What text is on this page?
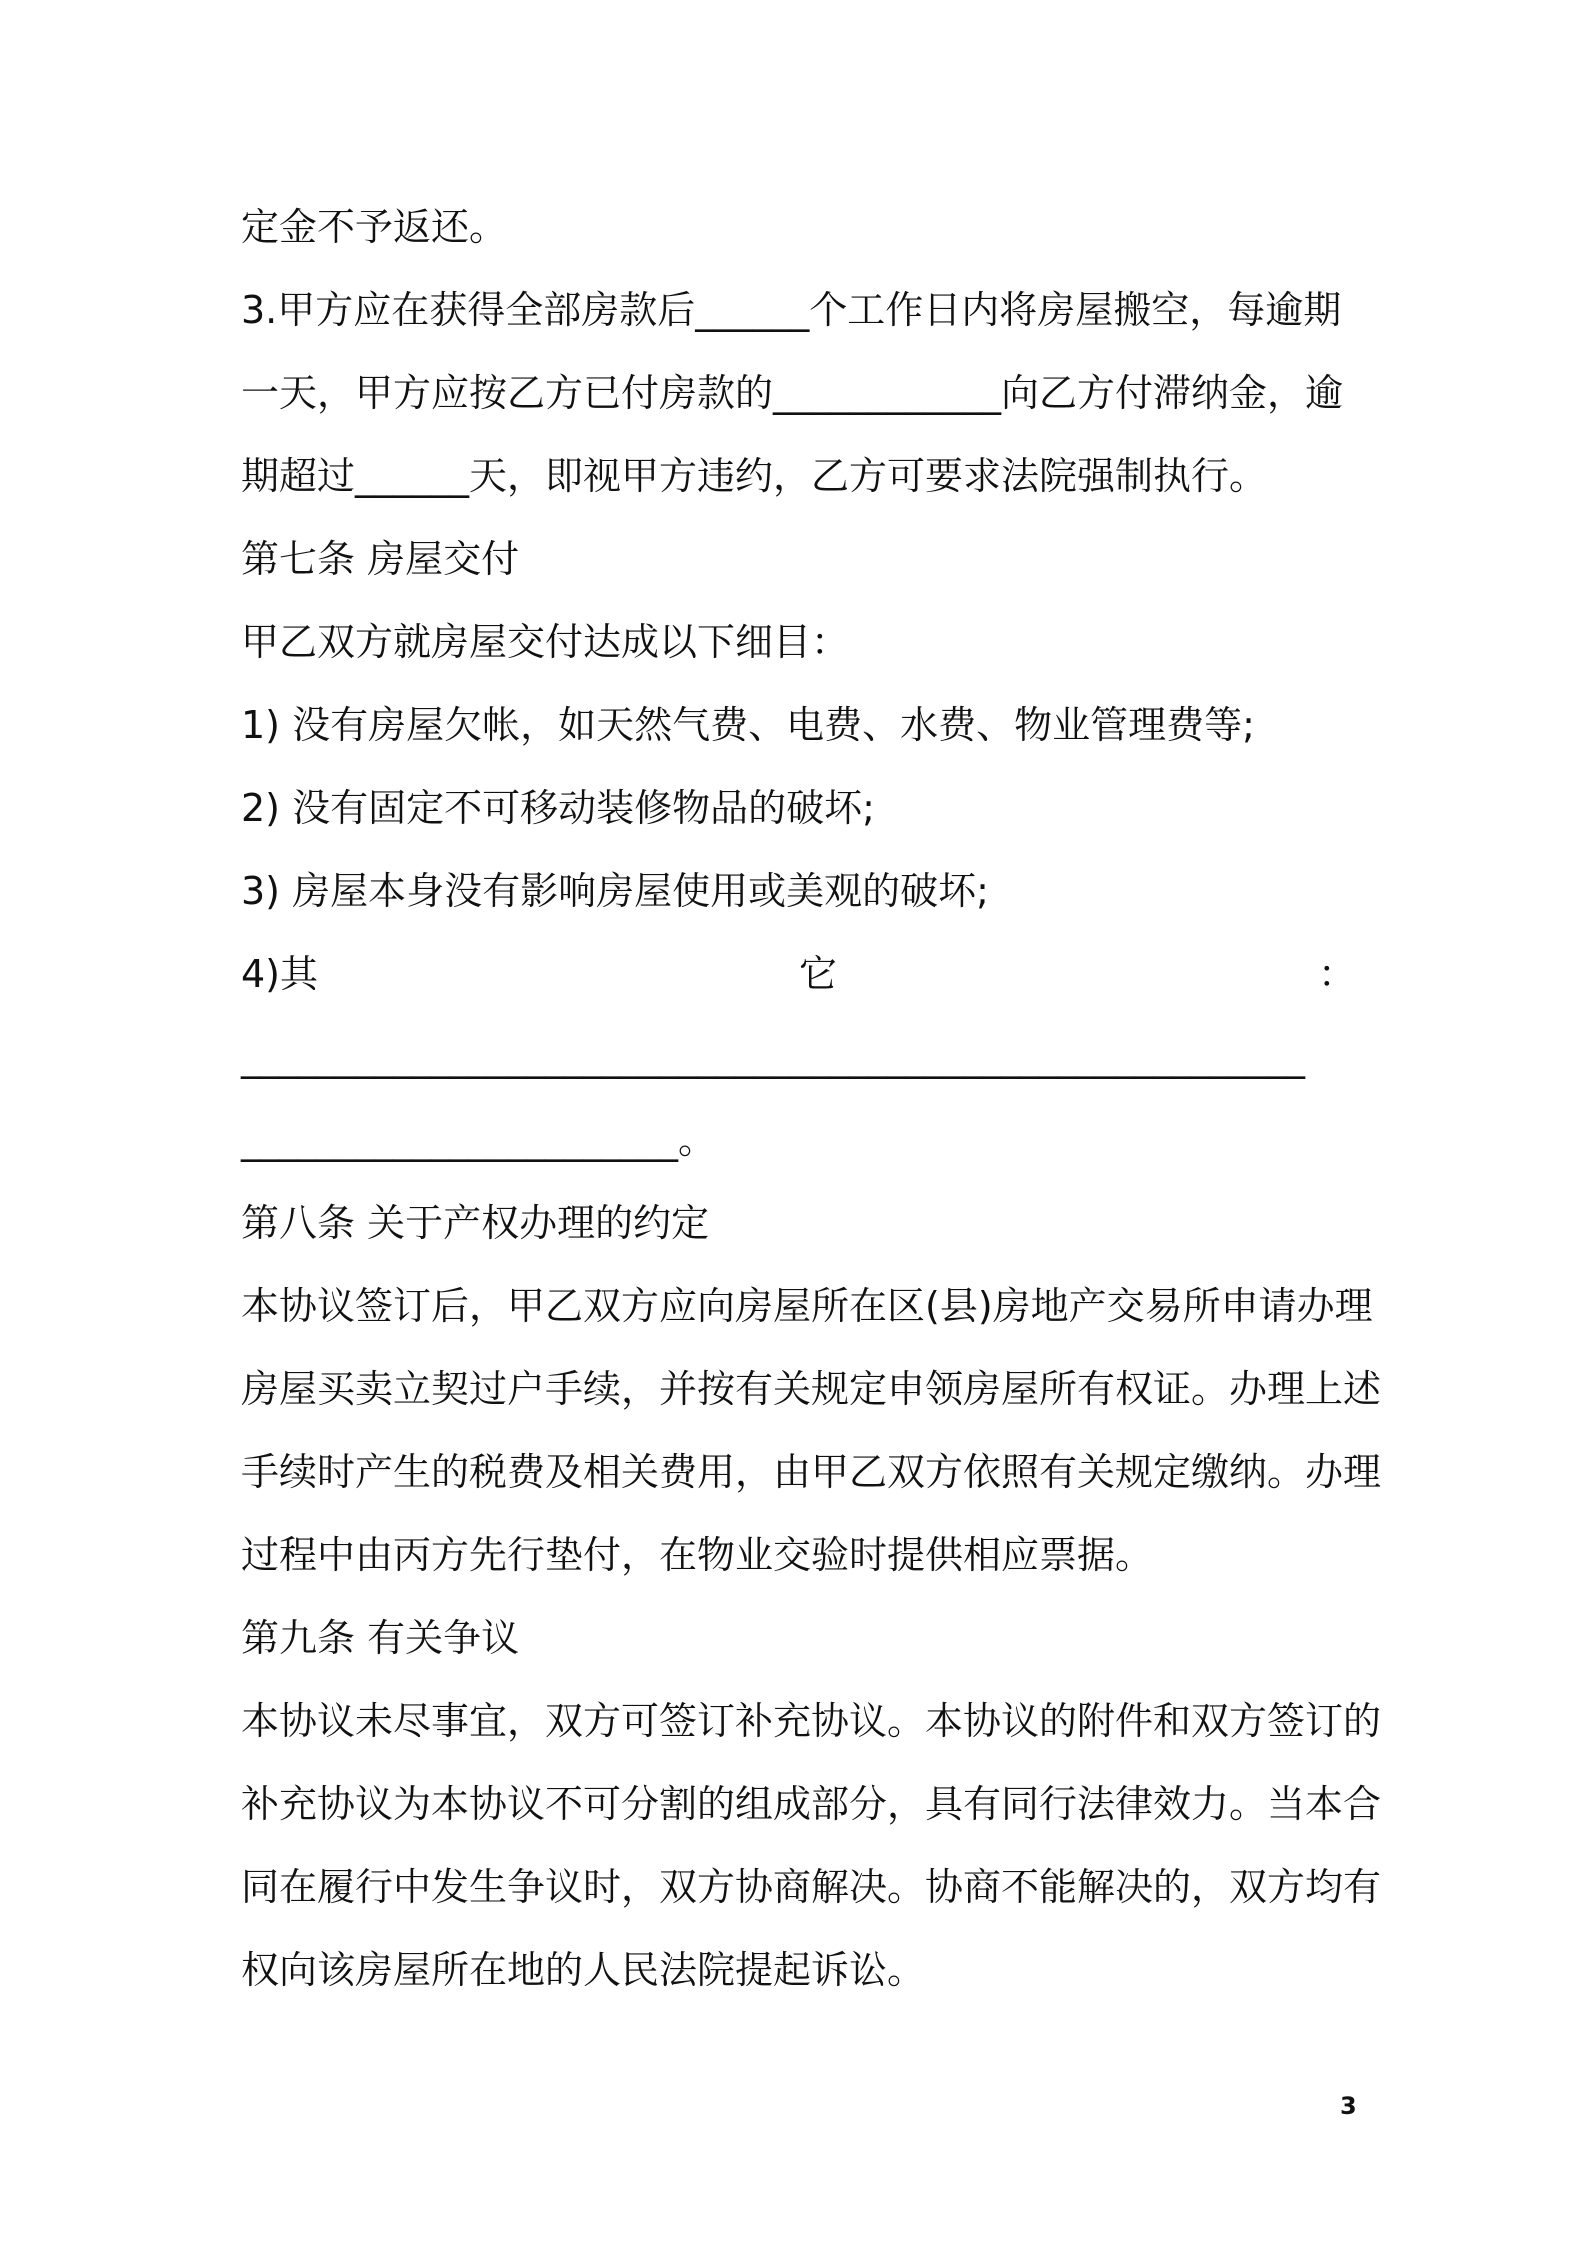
定金不予返还。
3.甲方应在获得全部房款后______个工作日内将房屋搬空，每逾期
一天，甲方应按乙方已付房款的____________向乙方付滞纳金，逾
期超过______天，即视甲方违约，乙方可要求法院强制执行。
第七条 房屋交付
甲乙双方就房屋交付达成以下细目：
1) 没有房屋欠帐，如天然气费、电费、水费、物业管理费等;
2) 没有固定不可移动装修物品的破坏;
3) 房屋本身没有影响房屋使用或美观的破坏;
4)其	它	：
________________________________________________________
_______________________。
第八条 关于产权办理的约定
本协议签订后，甲乙双方应向房屋所在区(县)房地产交易所申请办理
房屋买卖立契过户手续，并按有关规定申领房屋所有权证。办理上述
手续时产生的税费及相关费用，由甲乙双方依照有关规定缴纳。办理
过程中由丙方先行垫付，在物业交验时提供相应票据。
第九条 有关争议
本协议未尽事宜，双方可签订补充协议。本协议的附件和双方签订的
补充协议为本协议不可分割的组成部分，具有同行法律效力。当本合
同在履行中发生争议时，双方协商解决。协商不能解决的，双方均有
权向该房屋所在地的人民法院提起诉讼。
3
